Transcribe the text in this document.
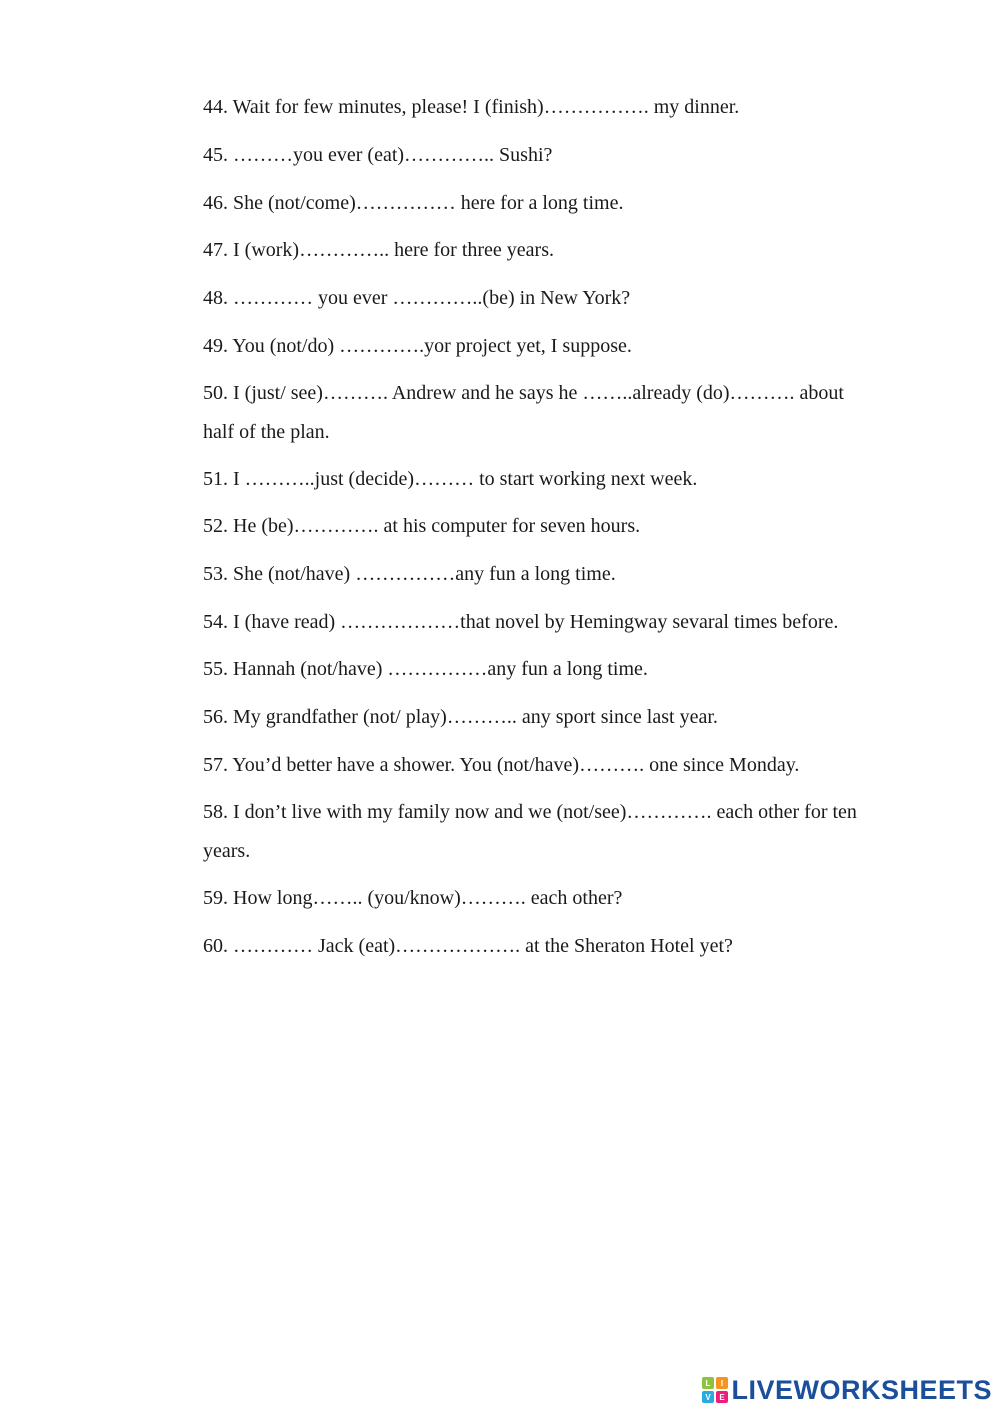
44. Wait for few minutes, please! I (finish)……………. my dinner.
45. ………you ever (eat)………….. Sushi?
46. She (not/come)…………… here for a long time.
47. I (work)………….. here for three years.
48. ………… you ever …………..(be) in New York?
49. You (not/do) ………….yor project yet, I suppose.
50. I (just/ see)………. Andrew and he says he ……..already (do)………. about
half of the plan.
51. I ………..just (decide)……… to start working next week.
52. He (be)…………. at his computer for seven hours.
53. She (not/have) ……………any fun a long time.
54. I (have read) ………………that novel by Hemingway sevaral times before.
55. Hannah (not/have) ……………any fun a long time.
56. My grandfather (not/ play)……….. any sport since last year.
57. You’d better have a shower. You (not/have)………. one since Monday.
58. I don’t live with my family now and we (not/see)…………. each other for ten
years.
59. How long…….. (you/know)………. each other?
60. ………… Jack (eat)………………. at the Sheraton Hotel yet?
L I
V E LIVEWORKSHEETS
